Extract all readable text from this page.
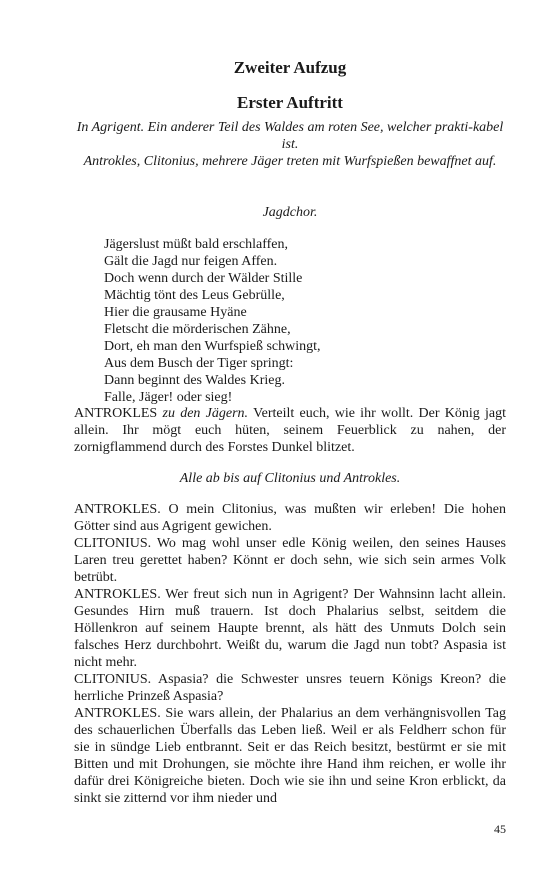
Zweiter Aufzug
Erster Auftritt
In Agrigent. Ein anderer Teil des Waldes am roten See, welcher prakti-kabel ist.
Antrokles, Clitonius, mehrere Jäger treten mit Wurfspießen bewaffnet auf.
Jagdchor.
Jägerslust müßt bald erschlaffen,
Gält die Jagd nur feigen Affen.
Doch wenn durch der Wälder Stille
Mächtig tönt des Leus Gebrülle,
Hier die grausame Hyäne
Fletscht die mörderischen Zähne,
Dort, eh man den Wurfspieß schwingt,
Aus dem Busch der Tiger springt:
Dann beginnt des Waldes Krieg.
Falle, Jäger! oder sieg!
ANTROKLES zu den Jägern. Verteilt euch, wie ihr wollt. Der König jagt allein. Ihr mögt euch hüten, seinem Feuerblick zu nahen, der zornigflammend durch des Forstes Dunkel blitzet.
Alle ab bis auf Clitonius und Antrokles.

ANTROKLES. O mein Clitonius, was mußten wir erleben! Die hohen Götter sind aus Agrigent gewichen.

CLITONIUS. Wo mag wohl unser edle König weilen, den seines Hauses Laren treu gerettet haben? Könnt er doch sehn, wie sich sein armes Volk betrübt.

ANTROKLES. Wer freut sich nun in Agrigent? Der Wahnsinn lacht allein. Gesundes Hirn muß trauern. Ist doch Phalarius selbst, seitdem die Höllenkron auf seinem Haupte brennt, als hätt des Unmuts Dolch sein falsches Herz durchbohrt. Weißt du, warum die Jagd nun tobt? Aspasia ist nicht mehr.

CLITONIUS. Aspasia? die Schwester unsres teuern Königs Kreon? die herrliche Prinzeß Aspasia?

ANTROKLES. Sie wars allein, der Phalarius an dem verhängnisvollen Tag des schauerlichen Überfalls das Leben ließ. Weil er als Feldherr schon für sie in sündge Lieb entbrannt. Seit er das Reich besitzt, bestürmt er sie mit Bitten und mit Drohungen, sie möchte ihre Hand ihm reichen, er wolle ihr dafür drei Königreiche bieten. Doch wie sie ihn und seine Kron erblickt, da sinkt sie zitternd vor ihm nieder und

45
